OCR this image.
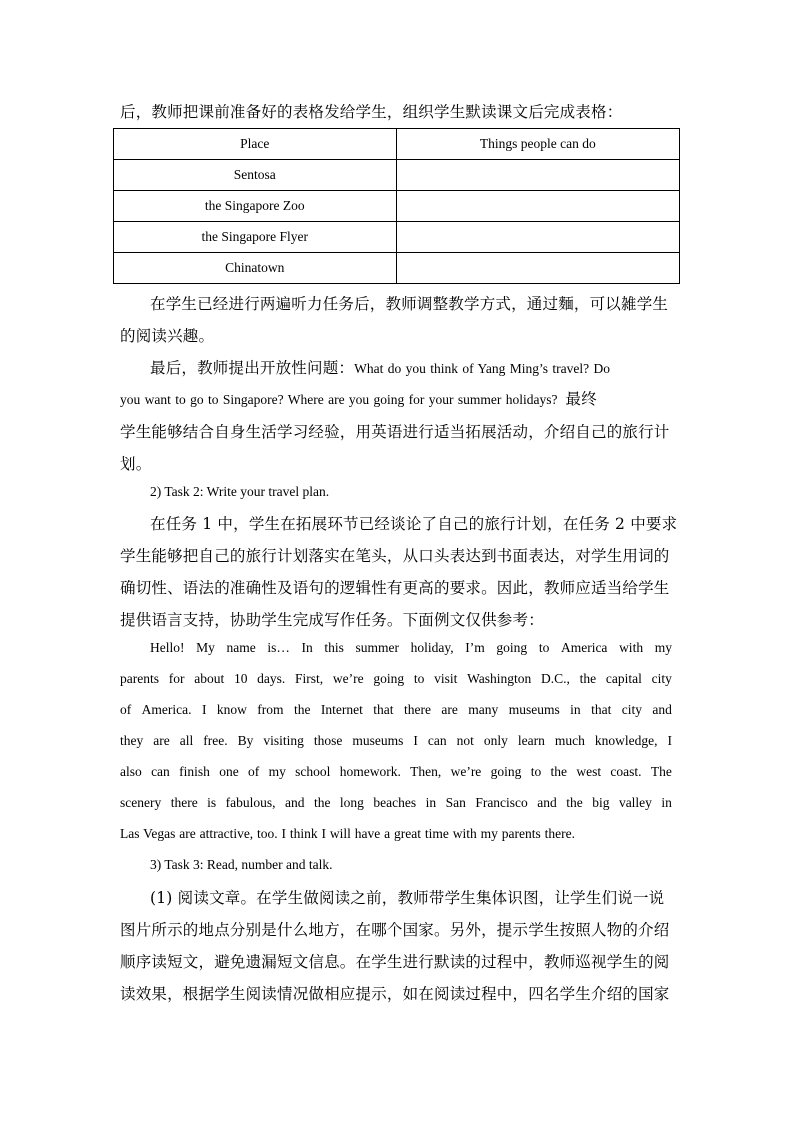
后，教师把课前准备好的表格发给学生，组织学生默读课文后完成表格：
Place	Things people can do
Sentosa	
the Singapore Zoo	
the Singapore Flyer	
Chinatown	
在学生已经进行两遍听力任务后，教师调整教学方式，通过麵，可以雑学生
的阅读兴趣。
最后，教师提出开放性问题：What do you think of Yang Ming’s travel? Do
you want to go to Singapore? Where are you going for your summer holidays? 最终
学生能够结合自身生活学习经验，用英语进行适当拓展活动，介绍自己的旅行计
划。
2) Task 2: Write your travel plan.
在任务 1 中，学生在拓展环节已经谈论了自己的旅行计划，在任务 2 中要求
学生能够把自己的旅行计划落实在笔头，从口头表达到书面表达，对学生用词的
确切性、语法的准确性及语句的逻辑性有更高的要求。因此，教师应适当给学生
提供语言支持，协助学生完成写作任务。下面例文仅供参考：
Hello! My name is… In this summer holiday, I’m going to America with my
parents for about 10 days. First, we’re going to visit Washington D.C., the capital city
of America. I know from the Internet that there are many museums in that city and
they are all free. By visiting those museums I can not only learn much knowledge, I
also can finish one of my school homework. Then, we’re going to the west coast. The
scenery there is fabulous, and the long beaches in San Francisco and the big valley in
Las Vegas are attractive, too. I think I will have a great time with my parents there.
3) Task 3: Read, number and talk.
(1) 阅读文章。在学生做阅读之前，教师带学生集体识图，让学生们说一说
图片所示的地点分别是什么地方，在哪个国家。另外，提示学生按照人物的介绍
顺序读短文，避免遗漏短文信息。在学生进行默读的过程中，教师巡视学生的阅
读效果，根据学生阅读情况做相应提示，如在阅读过程中，四名学生介绍的国家
